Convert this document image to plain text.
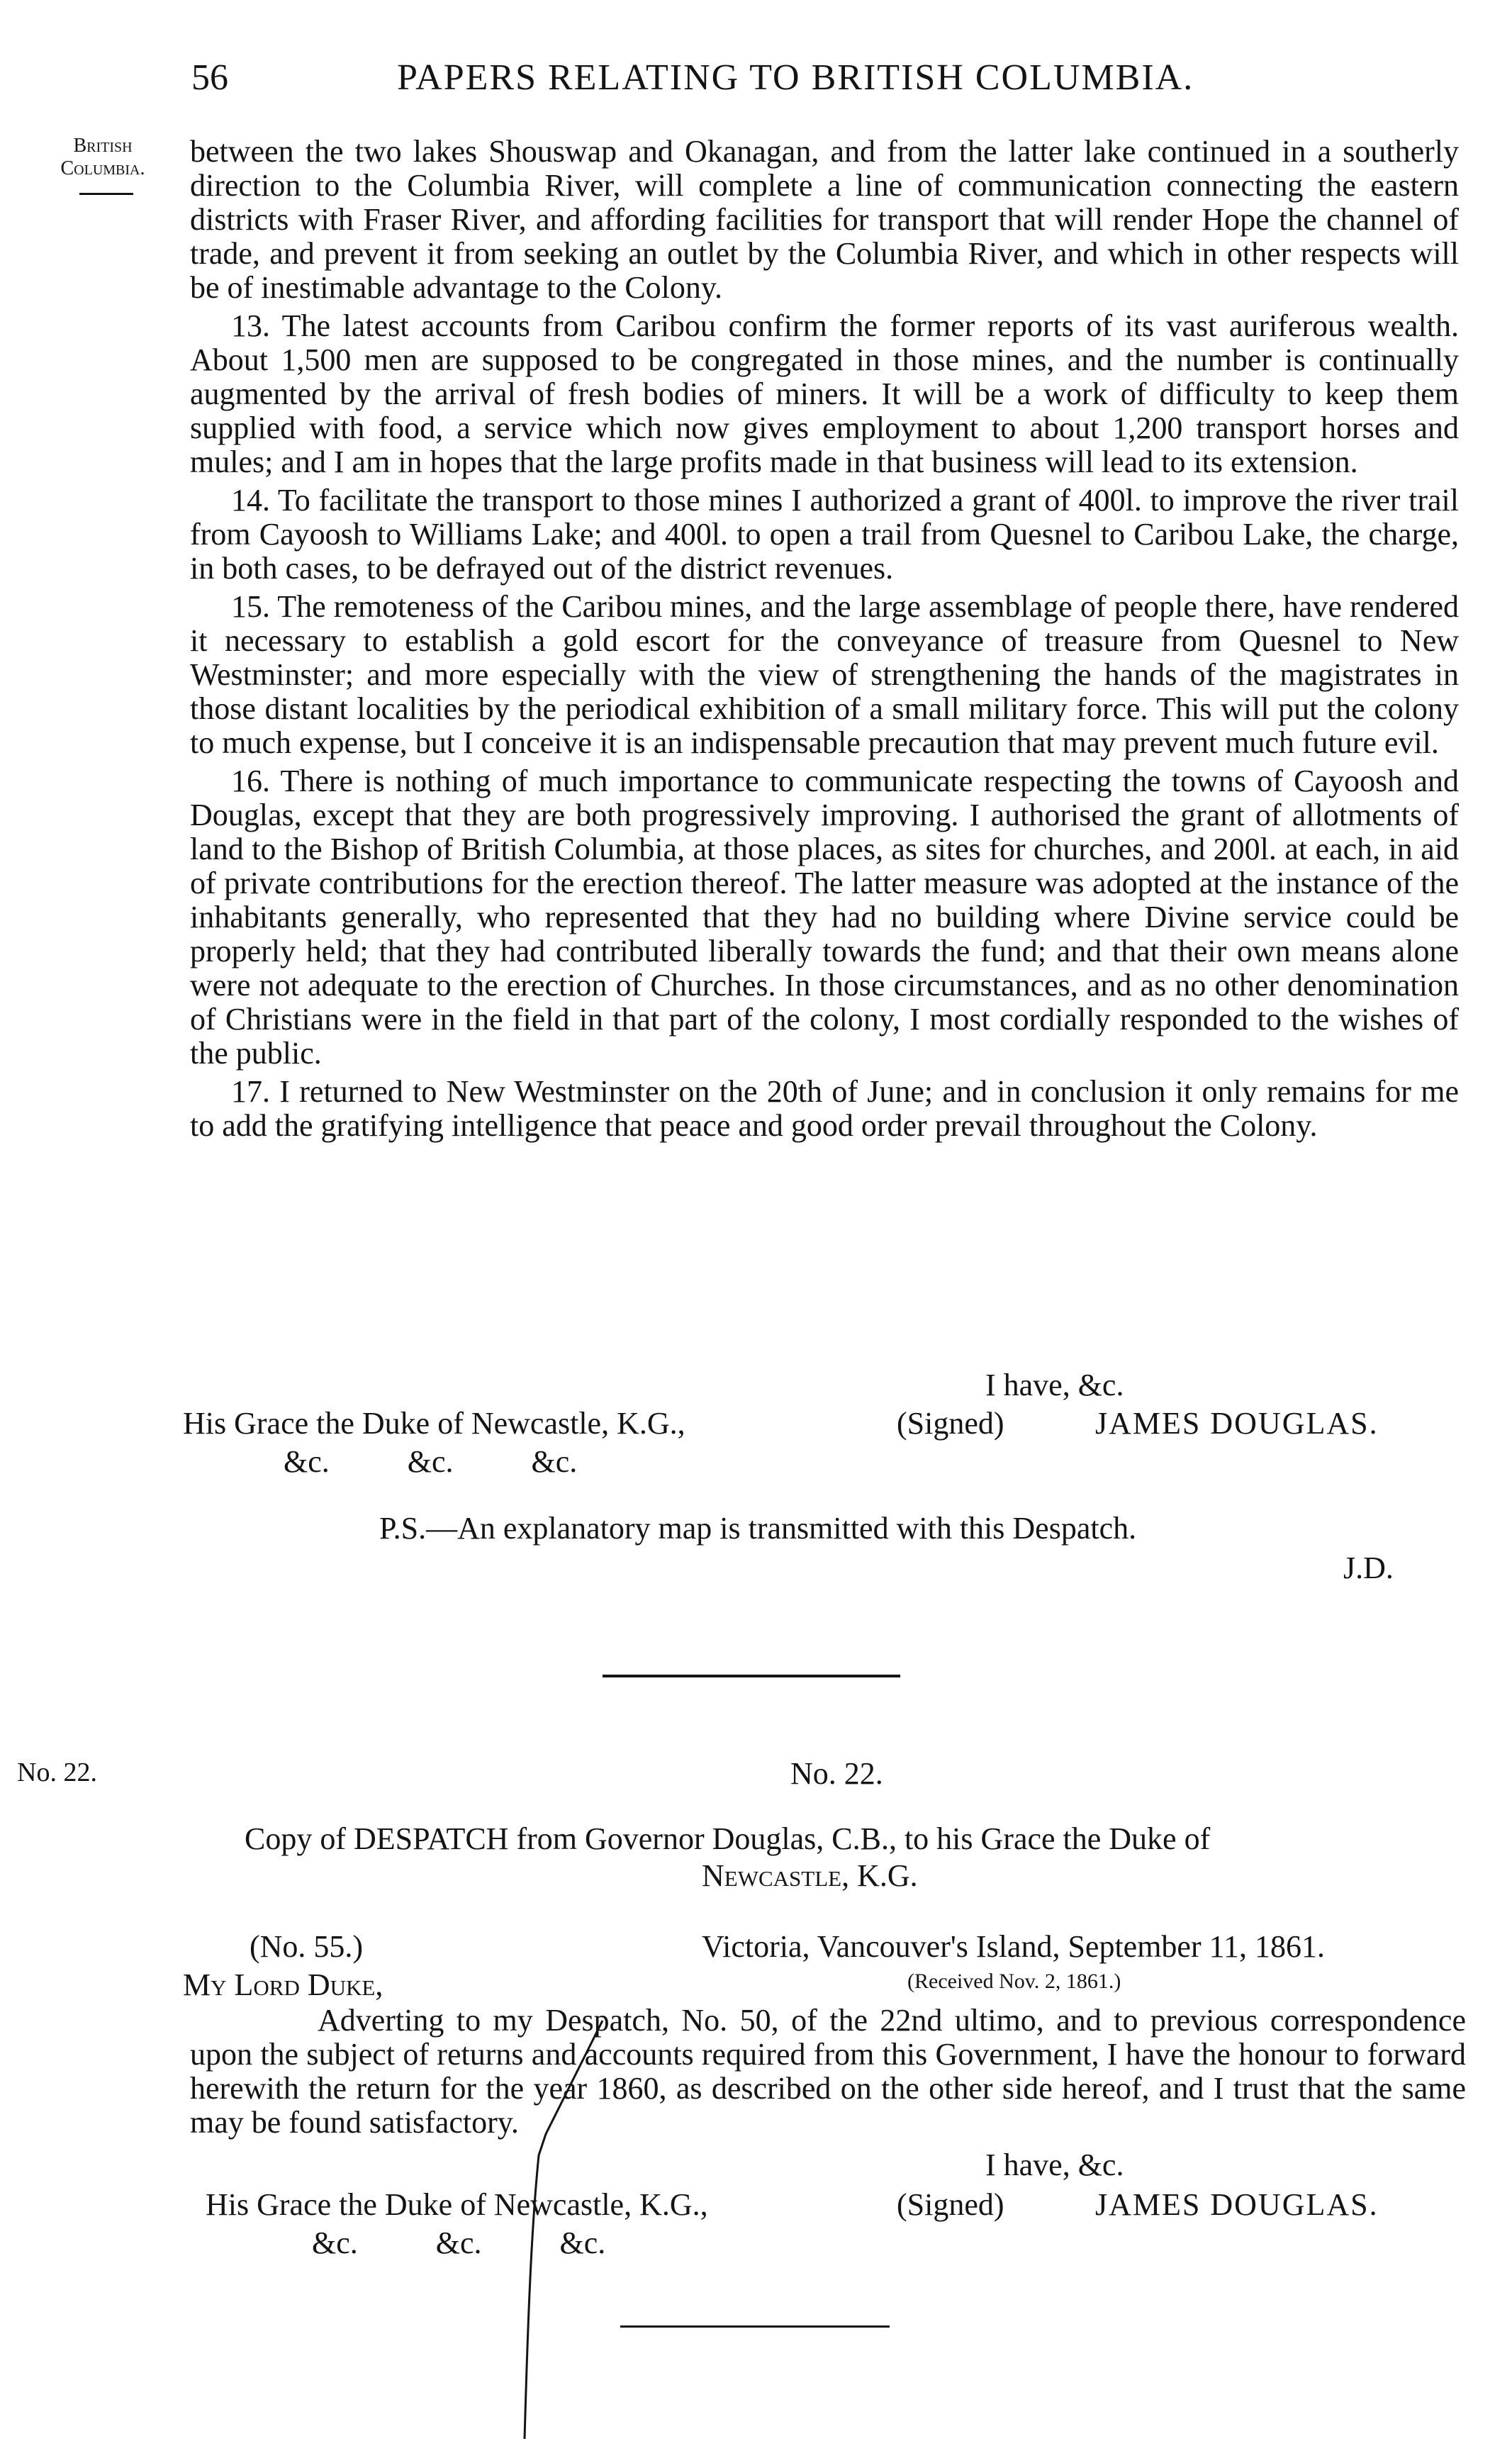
56	PAPERS RELATING TO BRITISH COLUMBIA.
British
Columbia.	between the two lakes Shouswap and Okanagan, and from the latter lake continued in a southerly direction to the Columbia River, will complete a line of communication connecting the eastern districts with Fraser River, and affording facilities for transport that will render Hope the channel of trade, and prevent it from seeking an outlet by the Columbia River, and which in other respects will be of inestimable advantage to the Colony.

13. The latest accounts from Caribou confirm the former reports of its vast auriferous wealth. About 1,500 men are supposed to be congregated in those mines, and the number is continually augmented by the arrival of fresh bodies of miners. It will be a work of difficulty to keep them supplied with food, a service which now gives employment to about 1,200 transport horses and mules; and I am in hopes that the large profits made in that business will lead to its extension.

14. To facilitate the transport to those mines I authorized a grant of 400l. to improve the river trail from Cayoosh to Williams Lake; and 400l. to open a trail from Quesnel to Caribou Lake, the charge, in both cases, to be defrayed out of the district revenues.

15. The remoteness of the Caribou mines, and the large assemblage of people there, have rendered it necessary to establish a gold escort for the conveyance of treasure from Quesnel to New Westminster; and more especially with the view of strengthening the hands of the magistrates in those distant localities by the periodical exhibition of a small military force. This will put the colony to much expense, but I conceive it is an indispensable precaution that may prevent much future evil.

16. There is nothing of much importance to communicate respecting the towns of Cayoosh and Douglas, except that they are both progressively improving. I authorised the grant of allotments of land to the Bishop of British Columbia, at those places, as sites for churches, and 200l. at each, in aid of private contributions for the erection thereof. The latter measure was adopted at the instance of the inhabitants generally, who represented that they had no building where Divine service could be properly held; that they had contributed liberally towards the fund; and that their own means alone were not adequate to the erection of Churches. In those circumstances, and as no other denomination of Christians were in the field in that part of the colony, I most cordially responded to the wishes of the public.

17. I returned to New Westminster on the 20th of June; and in conclusion it only remains for me to add the gratifying intelligence that peace and good order prevail throughout the Colony.

I have, &c.
His Grace the Duke of Newcastle, K.G.,	(Signed)	JAMES DOUGLAS.
&c.          &c.          &c.
P.S.—An explanatory map is transmitted with this Despatch.
J.D.
No. 22.	No. 22.
Copy of DESPATCH from Governor Douglas, C.B., to his Grace the Duke of
Newcastle, K.G.
(No. 55.)	Victoria, Vancouver's Island, September 11, 1861.
My Lord Duke,	(Received Nov. 2, 1861.)

Adverting to my Despatch, No. 50, of the 22nd ultimo, and to previous correspondence upon the subject of returns and accounts required from this Government, I have the honour to forward herewith the return for the year 1860, as described on the other side hereof, and I trust that the same may be found satisfactory.

I have, &c.
His Grace the Duke of Newcastle, K.G.,	(Signed)	JAMES DOUGLAS.
&c.          &c.          &c.
